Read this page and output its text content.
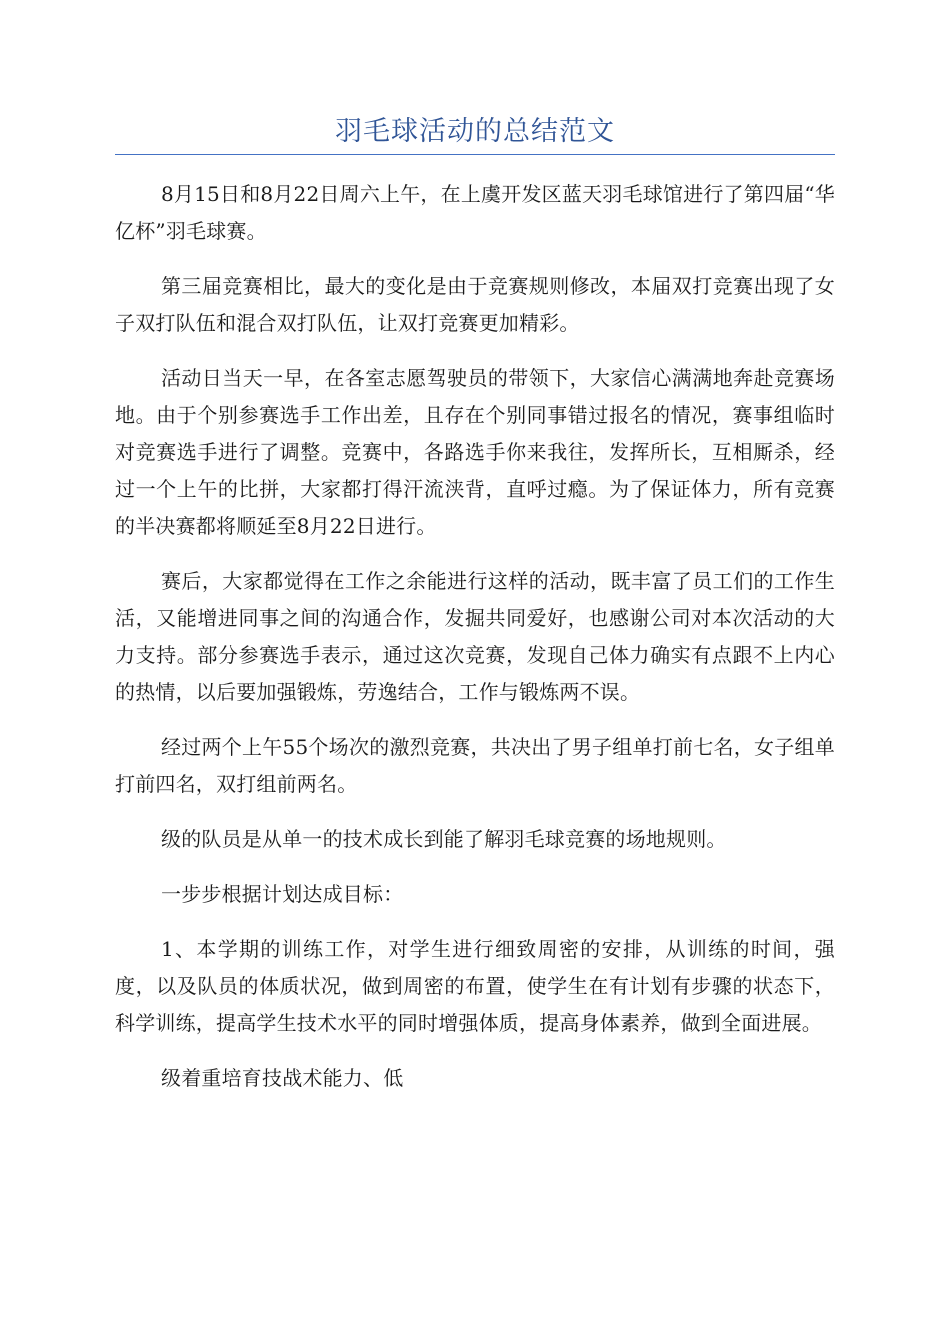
羽毛球活动的总结范文

8月15日和8月22日周六上午，在上虞开发区蓝天羽毛球馆进行了第四届“华亿杯”羽毛球赛。

第三届竞赛相比，最大的变化是由于竞赛规则修改，本届双打竞赛出现了女子双打队伍和混合双打队伍，让双打竞赛更加精彩。

活动日当天一早，在各室志愿驾驶员的带领下，大家信心满满地奔赴竞赛场地。由于个别参赛选手工作出差，且存在个别同事错过报名的情况，赛事组临时对竞赛选手进行了调整。竞赛中，各路选手你来我往，发挥所长，互相厮杀，经过一个上午的比拼，大家都打得汗流浃背，直呼过瘾。为了保证体力，所有竞赛的半决赛都将顺延至8月22日进行。

赛后，大家都觉得在工作之余能进行这样的活动，既丰富了员工们的工作生活，又能增进同事之间的沟通合作，发掘共同爱好，也感谢公司对本次活动的大力支持。部分参赛选手表示，通过这次竞赛，发现自己体力确实有点跟不上内心的热情，以后要加强锻炼，劳逸结合，工作与锻炼两不误。

经过两个上午55个场次的激烈竞赛，共决出了男子组单打前七名，女子组单打前四名，双打组前两名。

级的队员是从单一的技术成长到能了解羽毛球竞赛的场地规则。

一步步根据计划达成目标：

1、本学期的训练工作，对学生进行细致周密的安排，从训练的时间，强度，以及队员的体质状况，做到周密的布置，使学生在有计划有步骤的状态下，科学训练，提高学生技术水平的同时增强体质，提高身体素养，做到全面进展。

级着重培育技战术能力、低
